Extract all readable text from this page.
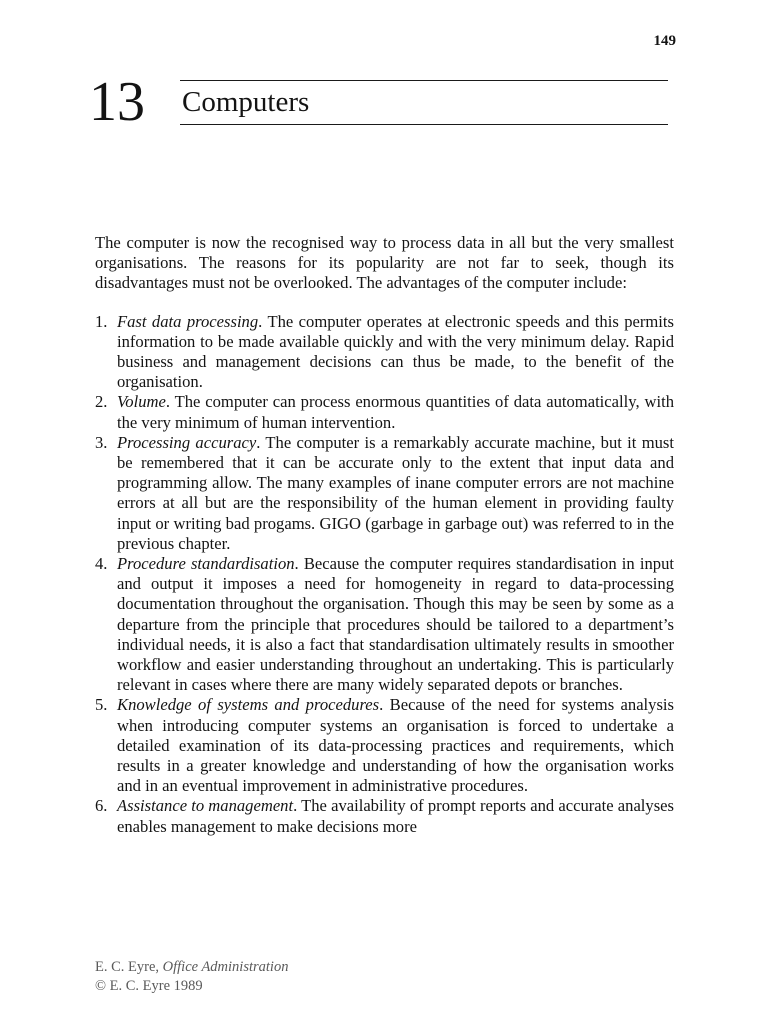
149
13 Computers

The computer is now the recognised way to process data in all but the very smallest organisations. The reasons for its popularity are not far to seek, though its disadvantages must not be overlooked. The advantages of the computer include:

1. Fast data processing. The computer operates at electronic speeds and this permits information to be made available quickly and with the very minimum delay. Rapid business and management decisions can thus be made, to the benefit of the organisation.
2. Volume. The computer can process enormous quantities of data automatically, with the very minimum of human intervention.
3. Processing accuracy. The computer is a remarkably accurate machine, but it must be remembered that it can be accurate only to the extent that input data and programming allow. The many examples of inane computer errors are not machine errors at all but are the responsibility of the human element in providing faulty input or writing bad progams. GIGO (garbage in garbage out) was referred to in the previous chapter.
4. Procedure standardisation. Because the computer requires standardisation in input and output it imposes a need for homogeneity in regard to data-processing documentation throughout the organisation. Though this may be seen by some as a departure from the principle that procedures should be tailored to a department’s individual needs, it is also a fact that standardisation ultimately results in smoother workflow and easier understanding throughout an undertaking. This is particularly relevant in cases where there are many widely separated depots or branches.
5. Knowledge of systems and procedures. Because of the need for systems analysis when introducing computer systems an organisation is forced to undertake a detailed examination of its data-processing practices and requirements, which results in a greater knowledge and understanding of how the organisation works and in an eventual improvement in administrative procedures.
6. Assistance to management. The availability of prompt reports and accurate analyses enables management to make decisions more
E. C. Eyre, Office Administration
© E. C. Eyre 1989
